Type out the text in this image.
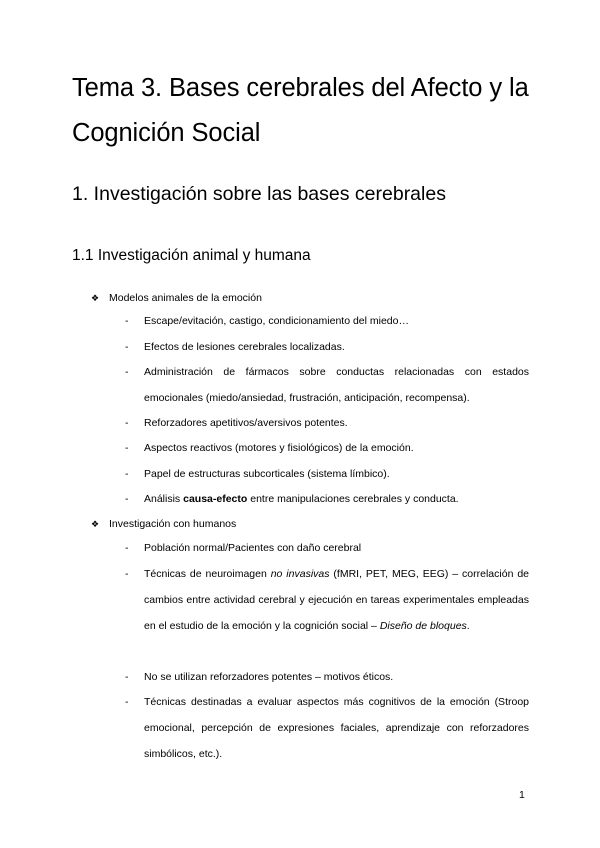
Tema 3. Bases cerebrales del Afecto y la Cognición Social
1. Investigación sobre las bases cerebrales
1.1 Investigación animal y humana
❖ Modelos animales de la emoción
-	Escape/evitación, castigo, condicionamiento del miedo…
-	Efectos de lesiones cerebrales localizadas.
-	Administración de fármacos sobre conductas relacionadas con estados emocionales (miedo/ansiedad, frustración, anticipación, recompensa).
-	Reforzadores apetitivos/aversivos potentes.
-	Aspectos reactivos (motores y fisiológicos) de la emoción.
-	Papel de estructuras subcorticales (sistema límbico).
-	Análisis causa-efecto entre manipulaciones cerebrales y conducta.
❖ Investigación con humanos
-	Población normal/Pacientes con daño cerebral
-	Técnicas de neuroimagen no invasivas (fMRI, PET, MEG, EEG) – correlación de cambios entre actividad cerebral y ejecución en tareas experimentales empleadas en el estudio de la emoción y la cognición social – Diseño de bloques.
-	No se utilizan reforzadores potentes – motivos éticos.
-	Técnicas destinadas a evaluar aspectos más cognitivos de la emoción (Stroop emocional, percepción de expresiones faciales, aprendizaje con reforzadores simbólicos, etc.).
1
